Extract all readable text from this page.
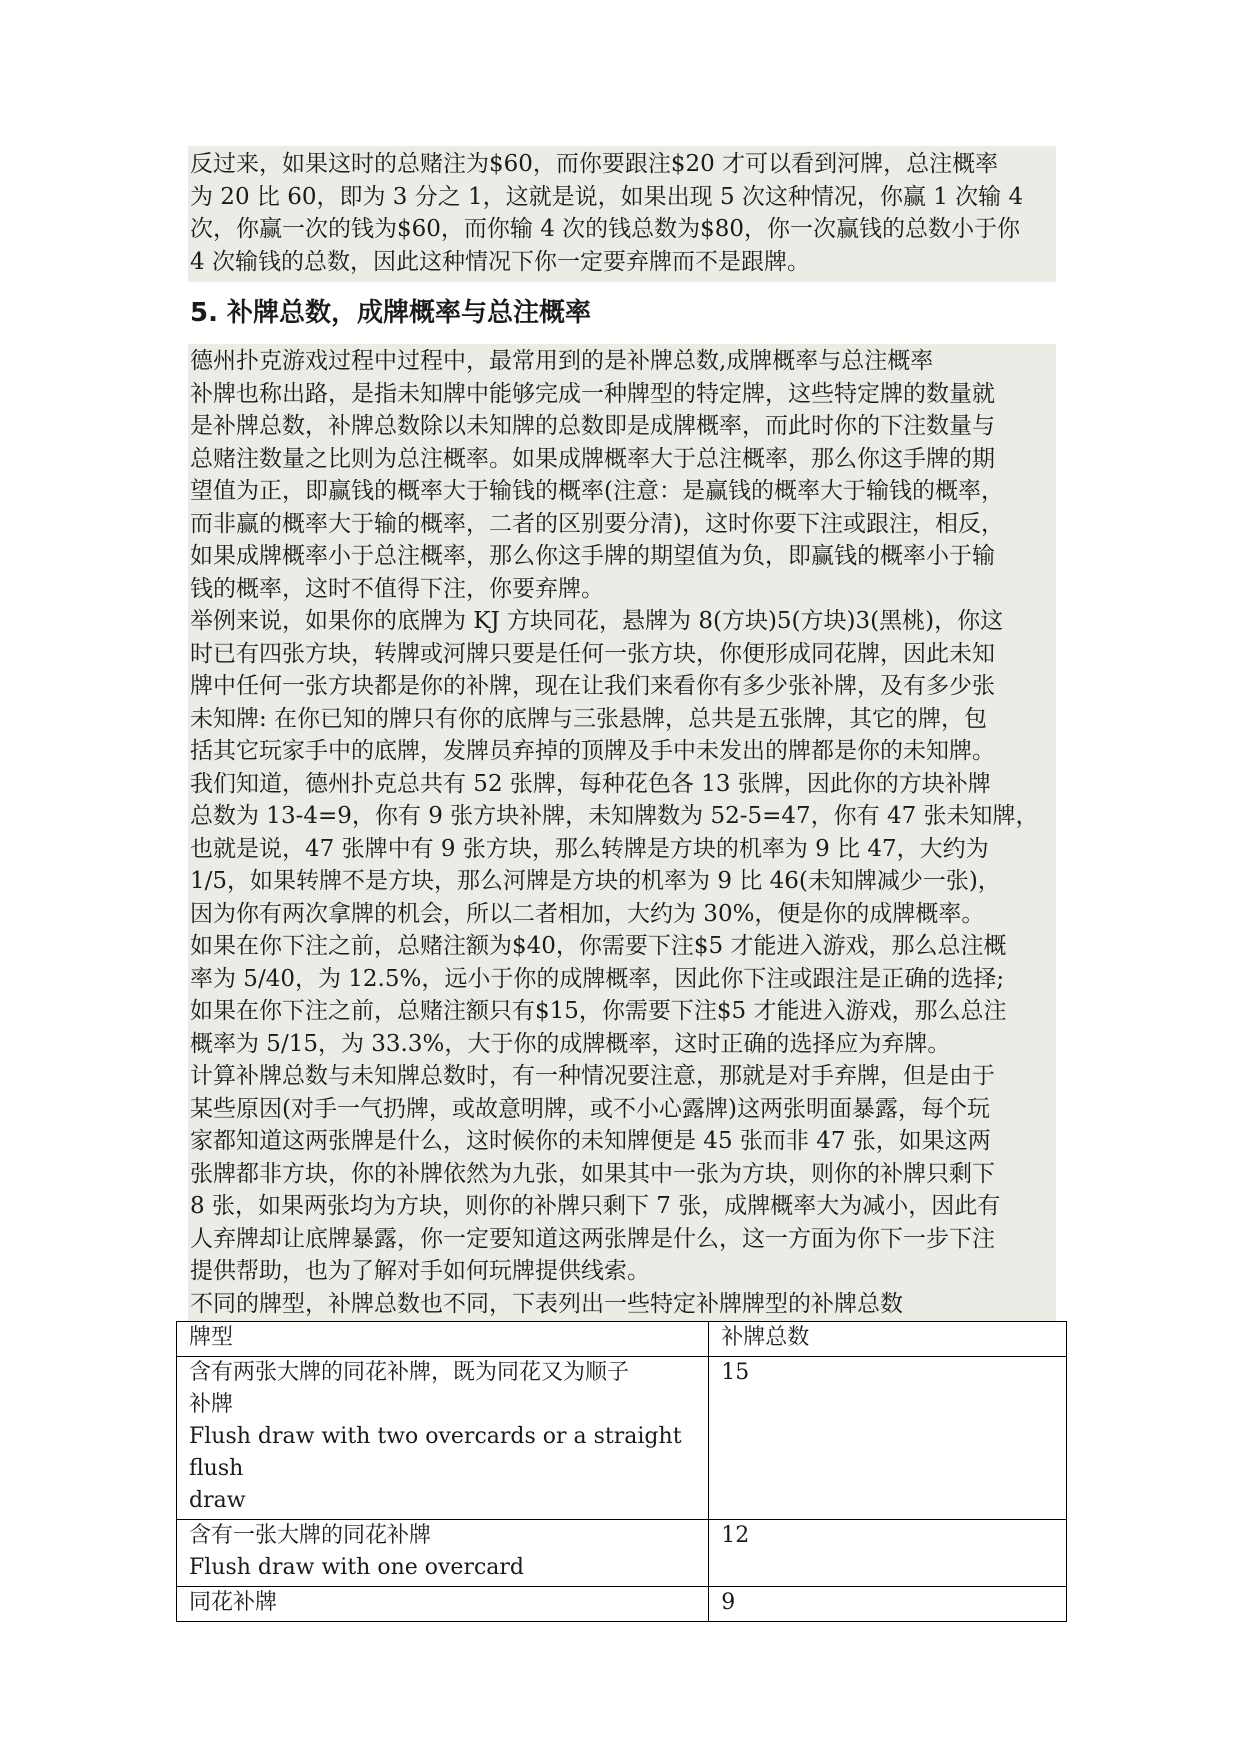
反过来，如果这时的总赌注为$60，而你要跟注$20 才可以看到河牌，总注概率
为 20 比 60，即为 3 分之 1，这就是说，如果出现 5 次这种情况，你赢 1 次输 4
次，你赢一次的钱为$60，而你输 4 次的钱总数为$80，你一次赢钱的总数小于你
4 次输钱的总数，因此这种情况下你一定要弃牌而不是跟牌。

5. 补牌总数，成牌概率与总注概率

德州扑克游戏过程中过程中，最常用到的是补牌总数,成牌概率与总注概率
补牌也称出路，是指未知牌中能够完成一种牌型的特定牌，这些特定牌的数量就
是补牌总数，补牌总数除以未知牌的总数即是成牌概率，而此时你的下注数量与
总赌注数量之比则为总注概率。如果成牌概率大于总注概率，那么你这手牌的期
望值为正，即赢钱的概率大于输钱的概率(注意：是赢钱的概率大于输钱的概率，
而非赢的概率大于输的概率，二者的区别要分清)，这时你要下注或跟注，相反，
如果成牌概率小于总注概率，那么你这手牌的期望值为负，即赢钱的概率小于输
钱的概率，这时不值得下注，你要弃牌。
举例来说，如果你的底牌为 KJ 方块同花，悬牌为 8(方块)5(方块)3(黑桃)，你这
时已有四张方块，转牌或河牌只要是任何一张方块，你便形成同花牌，因此未知
牌中任何一张方块都是你的补牌，现在让我们来看你有多少张补牌，及有多少张
未知牌: 在你已知的牌只有你的底牌与三张悬牌，总共是五张牌，其它的牌，包
括其它玩家手中的底牌，发牌员弃掉的顶牌及手中未发出的牌都是你的未知牌。
我们知道，德州扑克总共有 52 张牌，每种花色各 13 张牌，因此你的方块补牌
总数为 13-4=9，你有 9 张方块补牌，未知牌数为 52-5=47，你有 47 张未知牌，
也就是说，47 张牌中有 9 张方块，那么转牌是方块的机率为 9 比 47，大约为
1/5，如果转牌不是方块，那么河牌是方块的机率为 9 比 46(未知牌减少一张)，
因为你有两次拿牌的机会，所以二者相加，大约为 30%，便是你的成牌概率。
如果在你下注之前，总赌注额为$40，你需要下注$5 才能进入游戏，那么总注概
率为 5/40，为 12.5%，远小于你的成牌概率，因此你下注或跟注是正确的选择;
如果在你下注之前，总赌注额只有$15，你需要下注$5 才能进入游戏，那么总注
概率为 5/15，为 33.3%，大于你的成牌概率，这时正确的选择应为弃牌。
计算补牌总数与未知牌总数时，有一种情况要注意，那就是对手弃牌，但是由于
某些原因(对手一气扔牌，或故意明牌，或不小心露牌)这两张明面暴露，每个玩
家都知道这两张牌是什么，这时候你的未知牌便是 45 张而非 47 张，如果这两
张牌都非方块，你的补牌依然为九张，如果其中一张为方块，则你的补牌只剩下
8 张，如果两张均为方块，则你的补牌只剩下 7 张，成牌概率大为减小，因此有
人弃牌却让底牌暴露，你一定要知道这两张牌是什么，这一方面为你下一步下注
提供帮助，也为了解对手如何玩牌提供线索。
不同的牌型，补牌总数也不同，下表列出一些特定补牌牌型的补牌总数

牌型	补牌总数

含有两张大牌的同花补牌，既为同花又为顺子
补牌
Flush draw with two overcards or a straight flush
draw	15

含有一张大牌的同花补牌
Flush draw with one overcard	12

同花补牌	9
